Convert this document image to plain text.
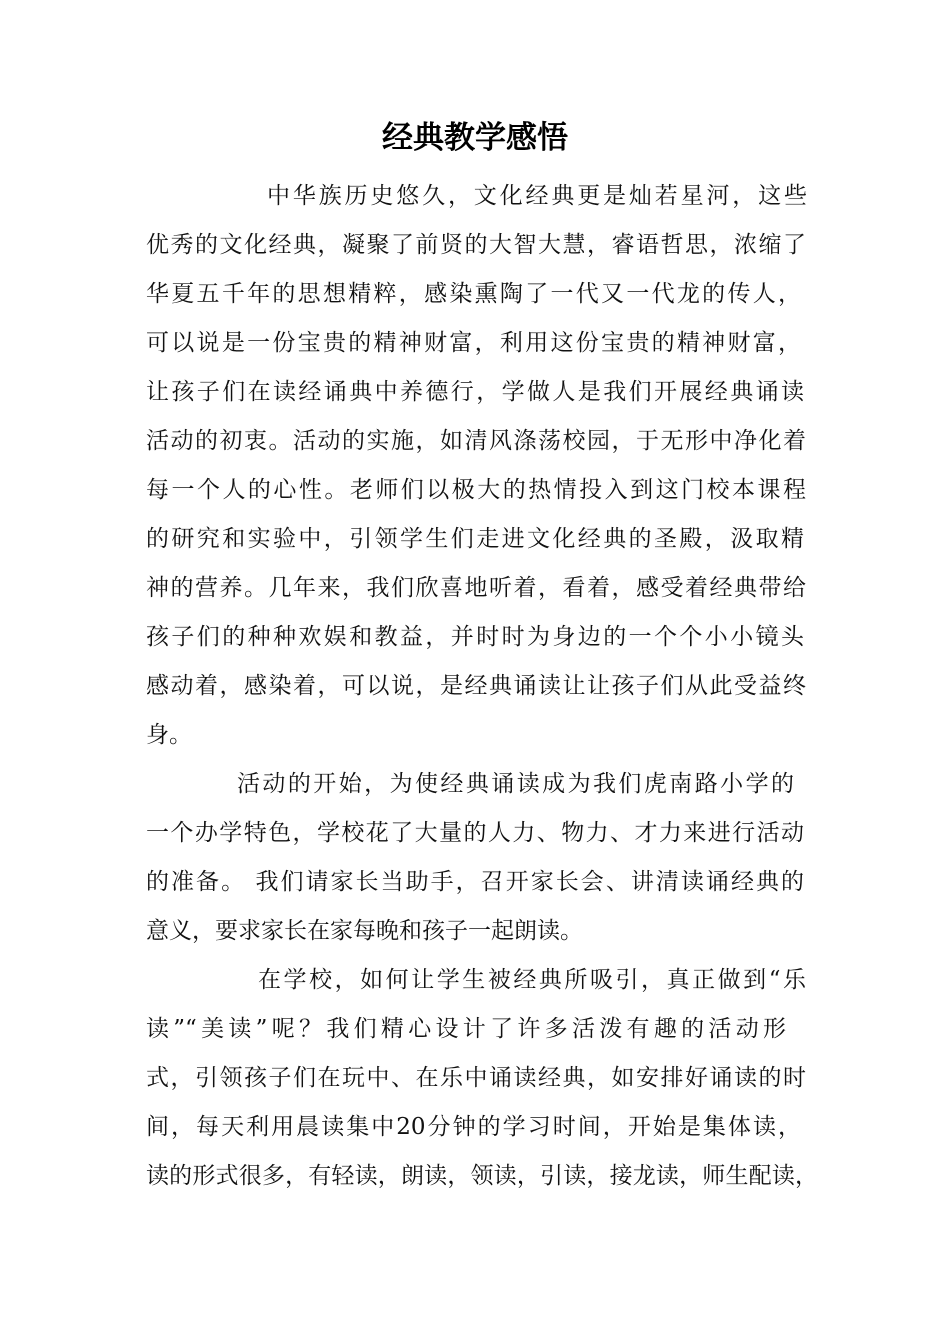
经典教学感悟
中华族历史悠久，文化经典更是灿若星河，这些
优秀的文化经典，凝聚了前贤的大智大慧，睿语哲思，浓缩了
华夏五千年的思想精粹，感染熏陶了一代又一代龙的传人，
可以说是一份宝贵的精神财富，利用这份宝贵的精神财富，
让孩子们在读经诵典中养德行，学做人是我们开展经典诵读
活动的初衷。活动的实施，如清风涤荡校园，于无形中净化着
每一个人的心性。老师们以极大的热情投入到这门校本课程
的研究和实验中，引领学生们走进文化经典的圣殿，汲取精
神的营养。几年来，我们欣喜地听着，看着，感受着经典带给
孩子们的种种欢娱和教益，并时时为身边的一个个小小镜头
感动着，感染着，可以说，是经典诵读让让孩子们从此受益终
身。
活动的开始，为使经典诵读成为我们虎南路小学的
一个办学特色，学校花了大量的人力、物力、才力来进行活动
的准备。 我们请家长当助手，召开家长会、讲清读诵经典的
意义，要求家长在家每晚和孩子一起朗读。
在学校，如何让学生被经典所吸引，真正做到“乐
读”“美读”呢？我们精心设计了许多活泼有趣的活动形
式，引领孩子们在玩中、在乐中诵读经典，如安排好诵读的时
间，每天利用晨读集中20分钟的学习时间，开始是集体读，
读的形式很多，有轻读，朗读，领读，引读，接龙读，师生配读，
